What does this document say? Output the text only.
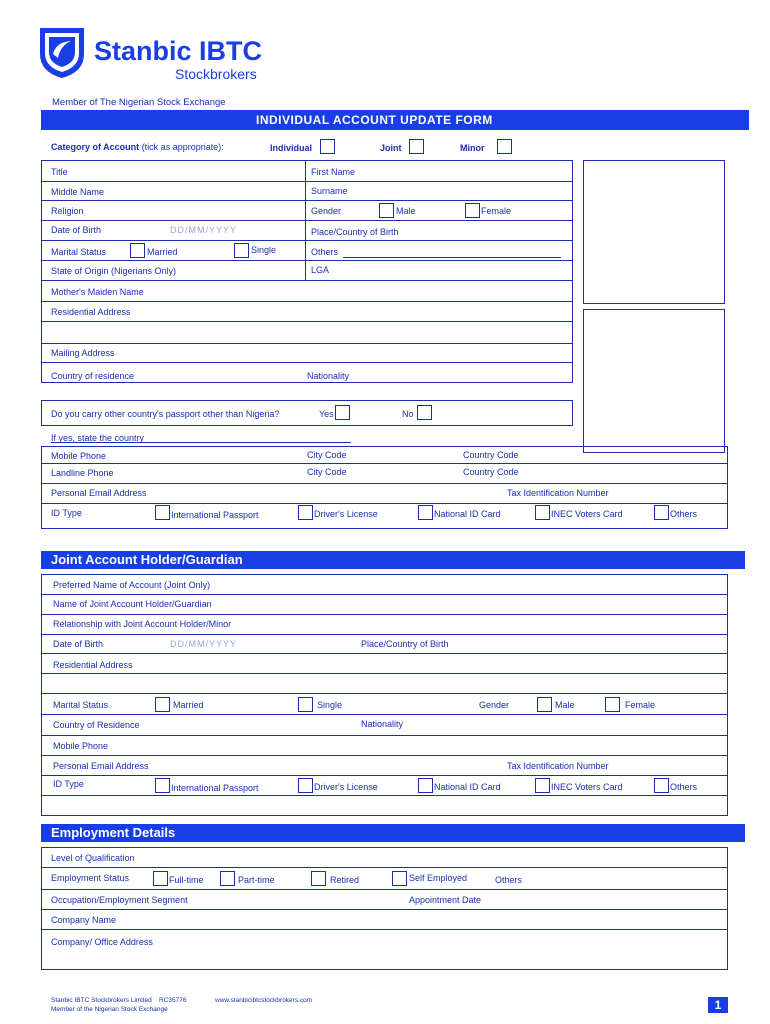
Stanbic IBTC
Stockbrokers
Member of The Nigerian Stock Exchange
INDIVIDUAL ACCOUNT UPDATE FORM
Category of Account (tick as appropriate):	Individual	Joint	Minor
Title	First Name
Middle Name	Surname
Religion	Gender	Male	Female
Date of Birth	DD/MM/YYYY	Place/Country of Birth
Marital Status	Married	Single	Others
State of Origin (Nigerians Only)	LGA
Mother's Maiden Name
Residential Address
Mailing Address
Country of residence	Nationality
Do you carry other country's passport other than Nigeria?	Yes	No
If yes, state the country
Mobile Phone	City Code	Country Code
Landline Phone	City Code	Country Code
Personal Email Address	Tax Identification Number
ID Type	International Passport	Driver's License	National ID Card	INEC Voters Card	Others
Joint Account Holder/Guardian
Preferred Name of Account (Joint Only)
Name of Joint Account Holder/Guardian
Relationship with Joint Account Holder/Minor
Date of Birth	DD/MM/YYYY	Place/Country of Birth
Residential Address
Marital Status	Married	Single	Gender	Male	Female
Country of Residence	Nationality
Mobile Phone
Personal Email Address	Tax Identification Number
ID Type	International Passport	Driver's License	National ID Card	INEC Voters Card	Others
Employment Details
Level of Qualification
Employment Status	Full-time	Part-time	Retired	Self Employed	Others
Occupation/Employment Segment	Appointment Date
Company Name
Company/ Office Address
Stanbic IBTC Stockbrokers Limited RC35776	www.stanbicibtcstockbrokers.com
Member of the Nigerian Stock Exchange	1
